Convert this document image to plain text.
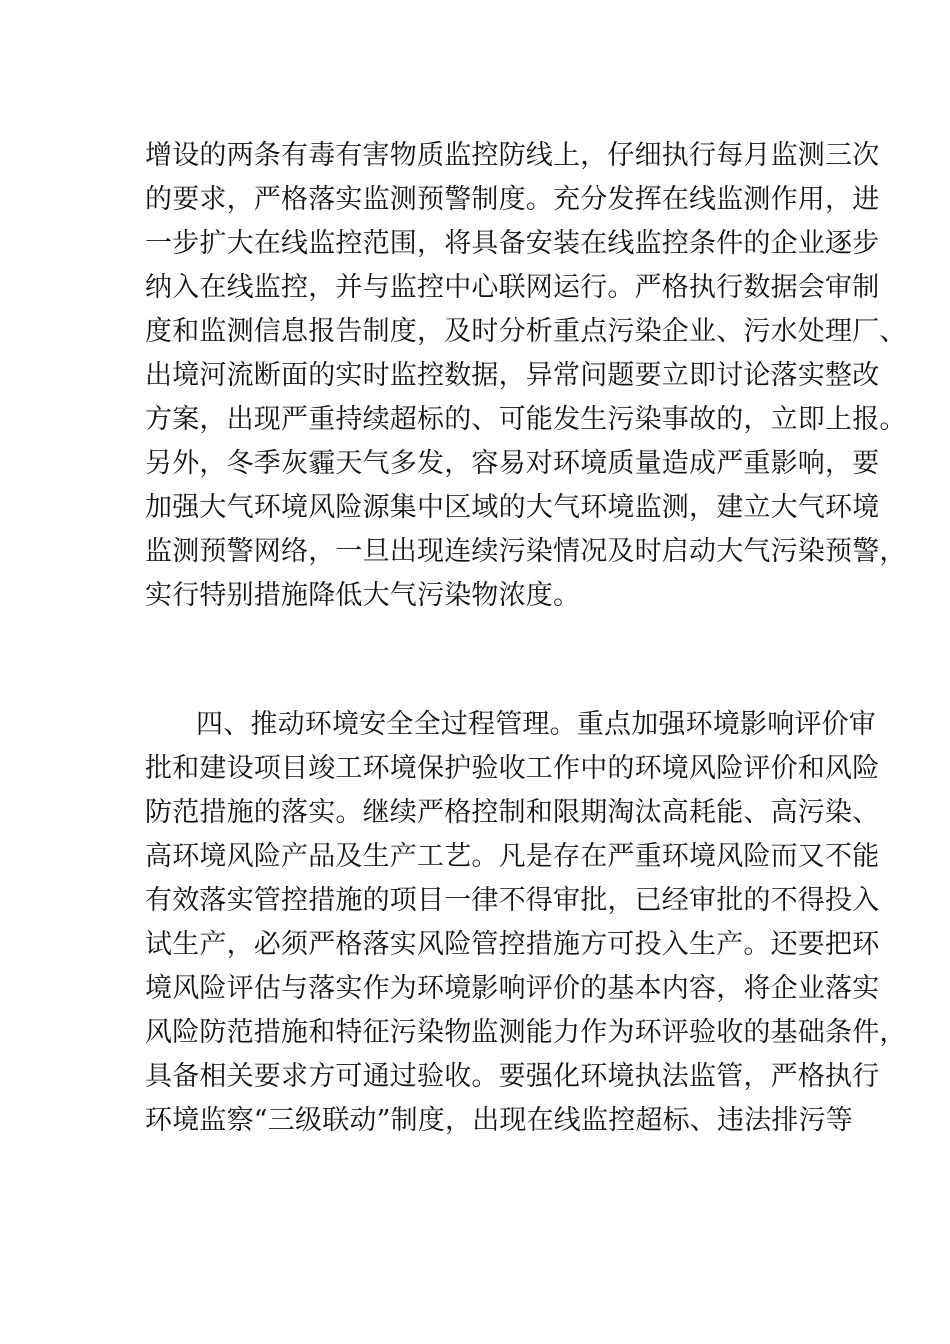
增设的两条有毒有害物质监控防线上，仔细执行每月监测三次
的要求，严格落实监测预警制度。充分发挥在线监测作用，进
一步扩大在线监控范围，将具备安装在线监控条件的企业逐步
纳入在线监控，并与监控中心联网运行。严格执行数据会审制
度和监测信息报告制度，及时分析重点污染企业、污水处理厂、
出境河流断面的实时监控数据，异常问题要立即讨论落实整改
方案，出现严重持续超标的、可能发生污染事故的，立即上报。
另外，冬季灰霾天气多发，容易对环境质量造成严重影响，要
加强大气环境风险源集中区域的大气环境监测，建立大气环境
监测预警网络，一旦出现连续污染情况及时启动大气污染预警，
实行特别措施降低大气污染物浓度。
四、推动环境安全全过程管理。重点加强环境影响评价审
批和建设项目竣工环境保护验收工作中的环境风险评价和风险
防范措施的落实。继续严格控制和限期淘汰高耗能、高污染、
高环境风险产品及生产工艺。凡是存在严重环境风险而又不能
有效落实管控措施的项目一律不得审批，已经审批的不得投入
试生产，必须严格落实风险管控措施方可投入生产。还要把环
境风险评估与落实作为环境影响评价的基本内容，将企业落实
风险防范措施和特征污染物监测能力作为环评验收的基础条件，
具备相关要求方可通过验收。要强化环境执法监管，严格执行
环境监察“三级联动”制度，出现在线监控超标、违法排污等
